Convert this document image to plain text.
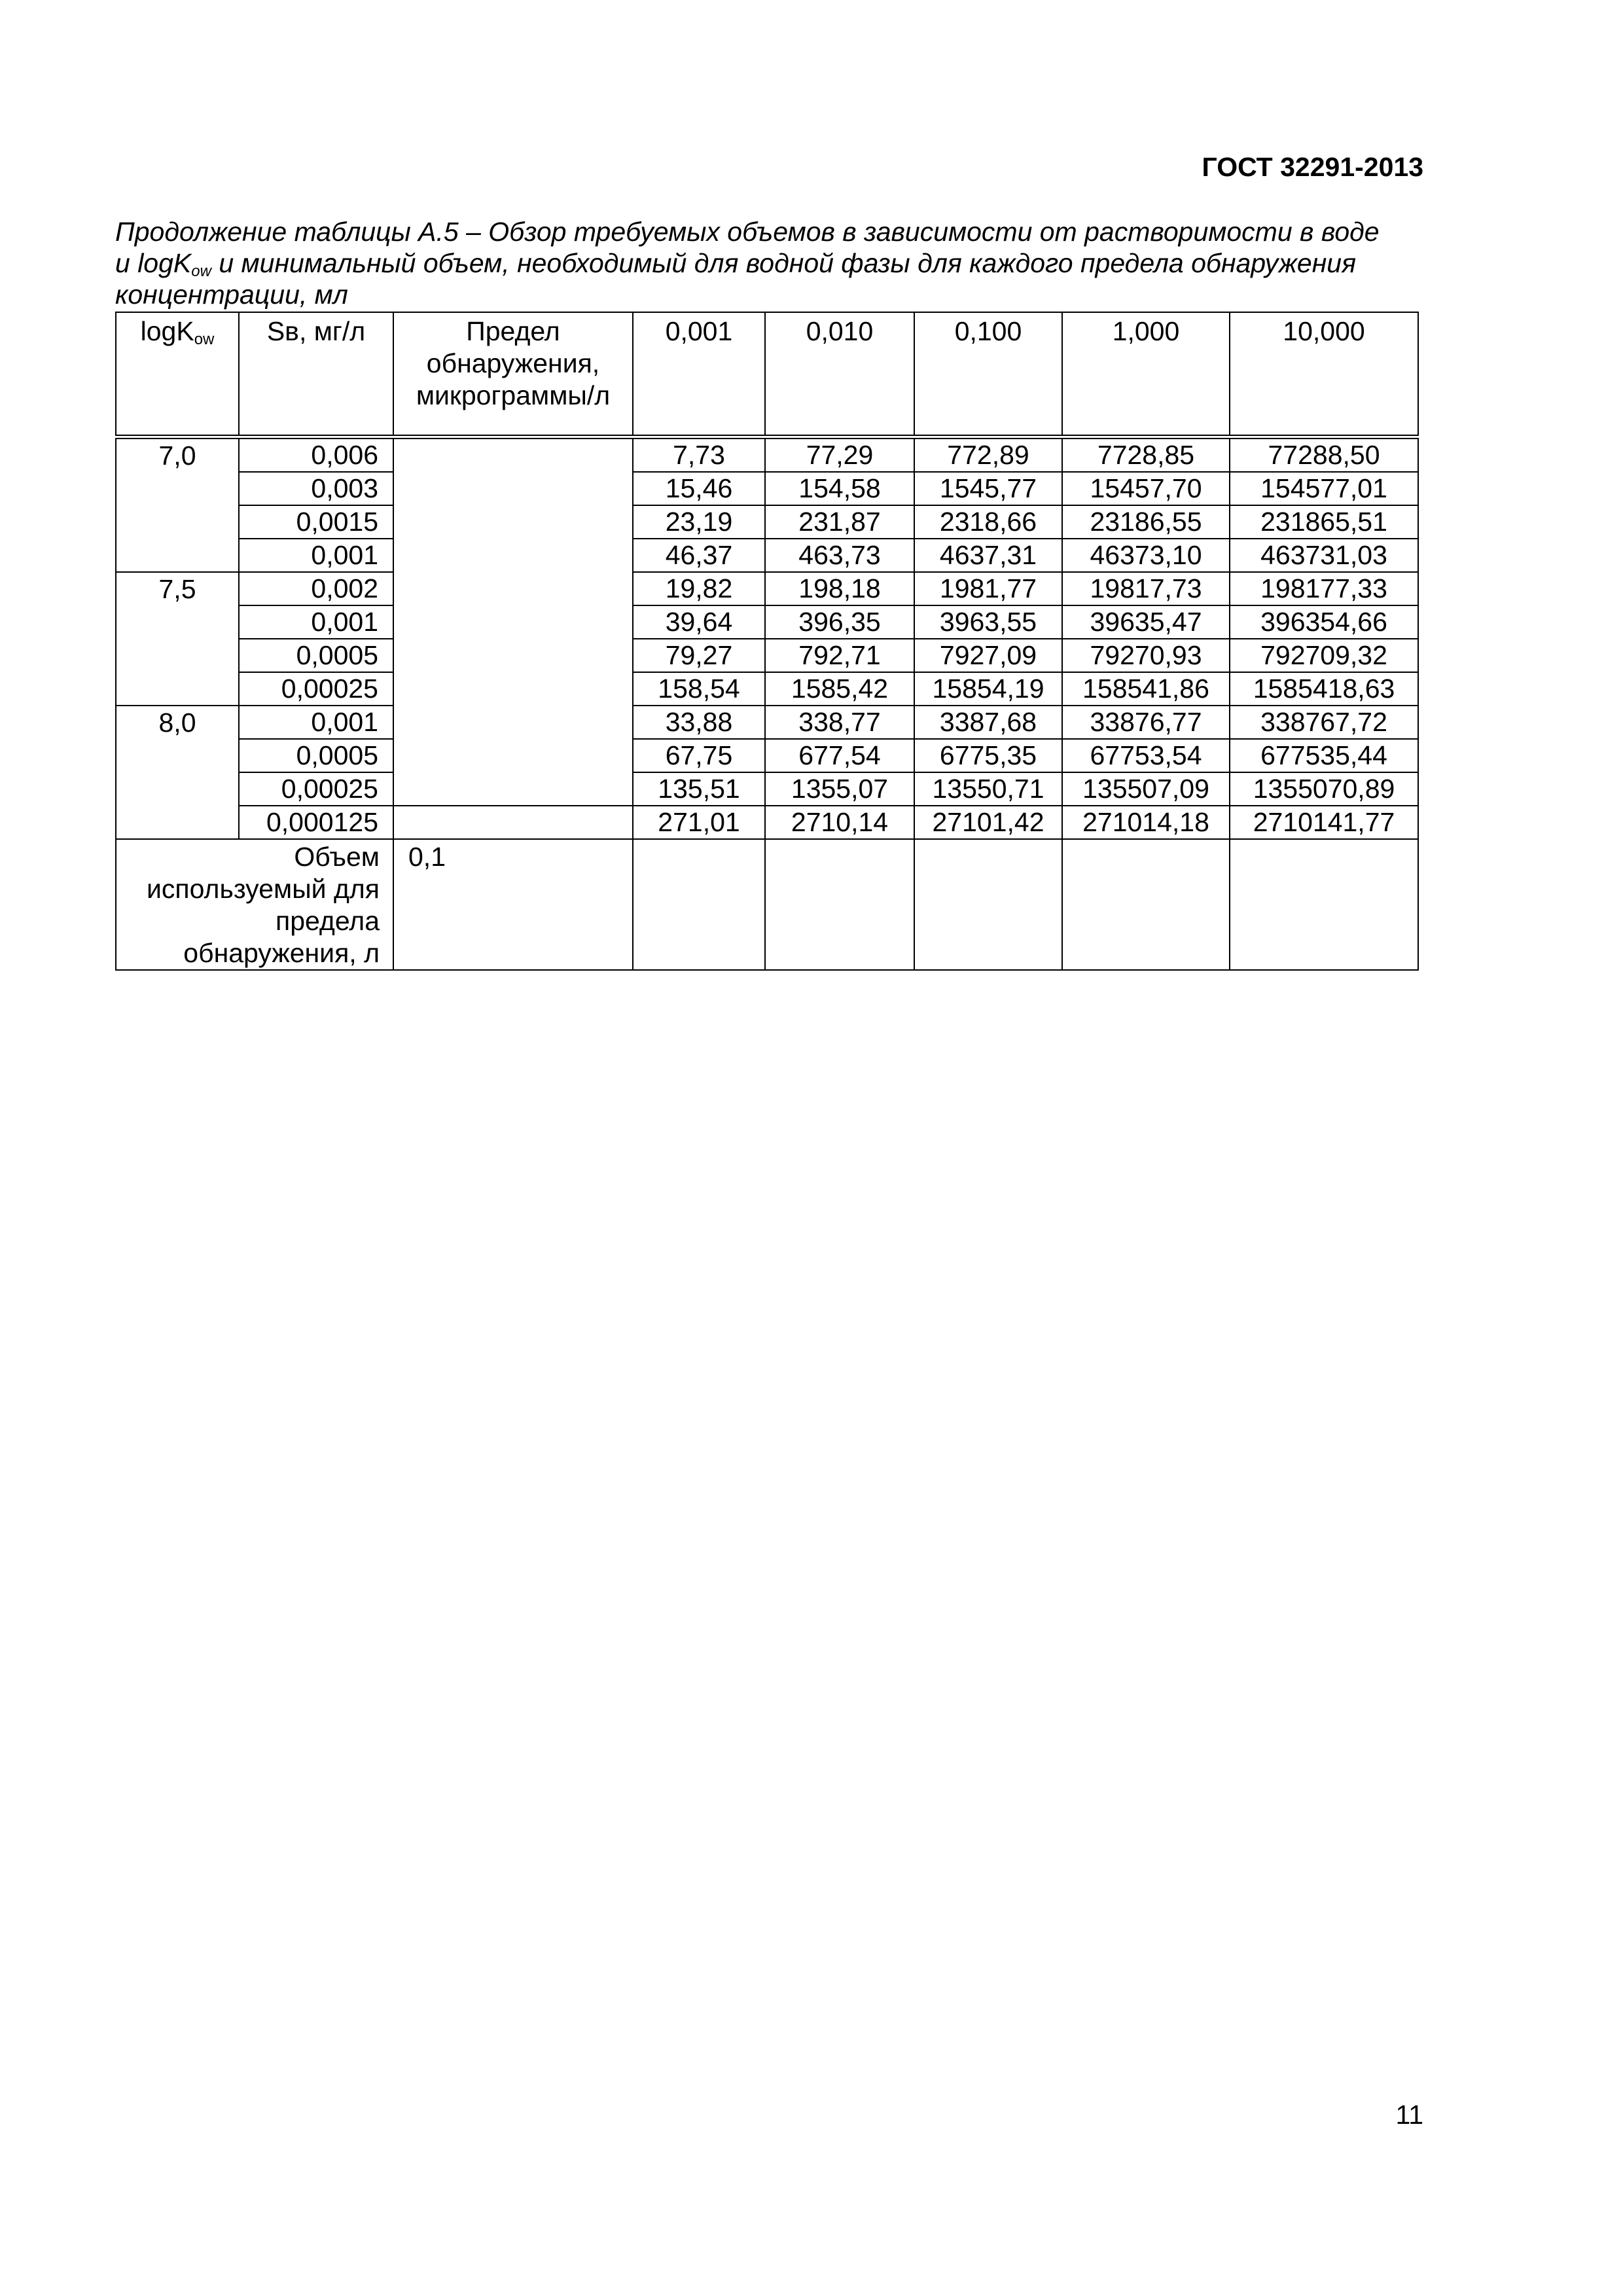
ГОСТ 32291-2013
Продолжение таблицы А.5 – Обзор требуемых объемов в зависимости от растворимости в воде
и logK$_{ow}$ и минимальный объем, необходимый для водной фазы для каждого предела обнаружения
концентрации, мл
logK$_{ow}$	Sв, мг/л	Предел обнаружения, микрограммы/л	0,001	0,010	0,100	1,000	10,000
7,0	0,006		7,73	77,29	772,89	7728,85	77288,50
	0,003		15,46	154,58	1545,77	15457,70	154577,01
	0,0015		23,19	231,87	2318,66	23186,55	231865,51
	0,001		46,37	463,73	4637,31	46373,10	463731,03
7,5	0,002		19,82	198,18	1981,77	19817,73	198177,33
	0,001		39,64	396,35	3963,55	39635,47	396354,66
	0,0005		79,27	792,71	7927,09	79270,93	792709,32
	0,00025		158,54	1585,42	15854,19	158541,86	1585418,63
8,0	0,001		33,88	338,77	3387,68	33876,77	338767,72
	0,0005		67,75	677,54	6775,35	67753,54	677535,44
	0,00025		135,51	1355,07	13550,71	135507,09	1355070,89
	0,000125		271,01	2710,14	27101,42	271014,18	2710141,77
Объем используемый для предела обнаружения, л		0,1					
11
